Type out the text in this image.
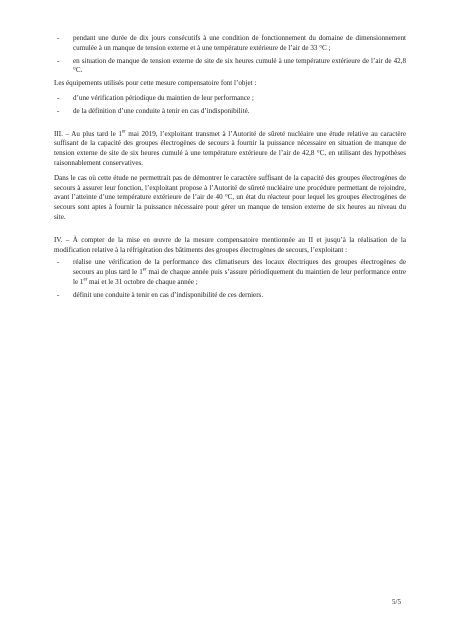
- pendant une durée de dix jours consécutifs à une condition de fonctionnement du domaine de dimensionnement cumulée à un manque de tension externe et à une température extérieure de l’air de 33 °C ;
- en situation de manque de tension externe de site de six heures cumulé à une température extérieure de l’air de 42,8 °C.

Les équipements utilisés pour cette mesure compensatoire font l’objet :

- d’une vérification périodique du maintien de leur performance ;
- de la définition d’une conduite à tenir en cas d’indisponibilité.

III. – Au plus tard le 1er mai 2019, l’exploitant transmet à l’Autorité de sûreté nucléaire une étude relative au caractère suffisant de la capacité des groupes électrogènes de secours à fournir la puissance nécessaire en situation de manque de tension externe de site de six heures cumulé à une température extérieure de l’air de 42,8 °C, en utilisant des hypothèses raisonnablement conservatives.

Dans le cas où cette étude ne permettrait pas de démontrer le caractère suffisant de la capacité des groupes électrogènes de secours à assurer leur fonction, l’exploitant propose à l’Autorité de sûreté nucléaire une procédure permettant de rejoindre, avant l’atteinte d’une température extérieure de l’air de 40 °C, un état du réacteur pour lequel les groupes électrogènes de secours sont aptes à fournir la puissance nécessaire pour gérer un manque de tension externe de six heures au niveau du site.

IV. – À compter de la mise en œuvre de la mesure compensatoire mentionnée au II et jusqu’à la réalisation de la modification relative à la réfrigération des bâtiments des groupes électrogènes de secours, l’exploitant :

- réalise une vérification de la performance des climatiseurs des locaux électriques des groupes électrogènes de secours au plus tard le 1er mai de chaque année puis s’assure périodiquement du maintien de leur performance entre le 1er mai et le 31 octobre de chaque année ;
- définit une conduite à tenir en cas d’indisponibilité de ces derniers.
5/5
